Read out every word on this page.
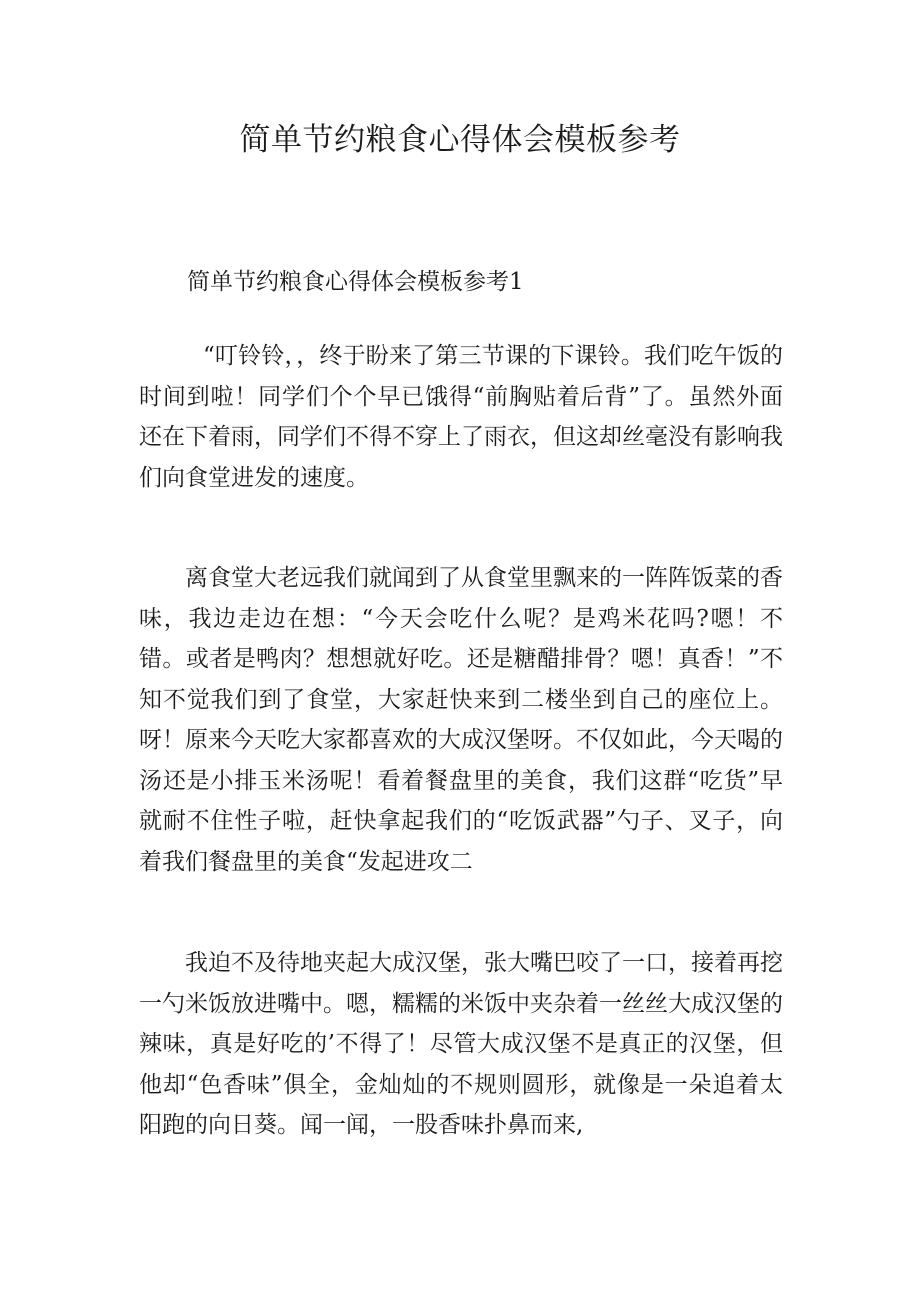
简单节约粮食心得体会模板参考
简单节约粮食心得体会模板参考1

“叮铃铃，，终于盼来了第三节课的下课铃。我们吃午饭的时间到啦！同学们个个早已饿得“前胸贴着后背”了。虽然外面还在下着雨，同学们不得不穿上了雨衣，但这却丝毫没有影响我们向食堂进发的速度。

离食堂大老远我们就闻到了从食堂里飘来的一阵阵饭菜的香味，我边走边在想：“今天会吃什么呢？是鸡米花吗?嗯！不错。或者是鸭肉？想想就好吃。还是糖醋排骨？嗯！真香！”不知不觉我们到了食堂，大家赶快来到二楼坐到自己的座位上。呀！原来今天吃大家都喜欢的大成汉堡呀。不仅如此，今天喝的汤还是小排玉米汤呢！看着餐盘里的美食，我们这群“吃货”早就耐不住性子啦，赶快拿起我们的“吃饭武器”勺子、叉子，向着我们餐盘里的美食“发起进攻二

我迫不及待地夹起大成汉堡，张大嘴巴咬了一口，接着再挖一勺米饭放进嘴中。嗯，糯糯的米饭中夹杂着一丝丝大成汉堡的辣味，真是好吃的’不得了！尽管大成汉堡不是真正的汉堡，但他却“色香味”俱全，金灿灿的不规则圆形，就像是一朵追着太阳跑的向日葵。闻一闻，一股香味扑鼻而来,
